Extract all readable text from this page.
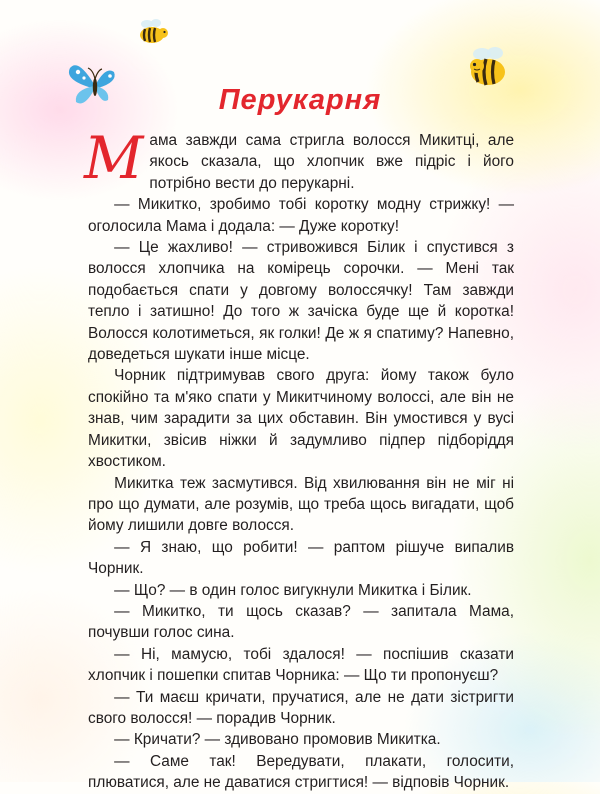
Перукарня

Мама завжди сама стригла волосся Микитці, але якось сказала, що хлопчик вже підріс і його потрібно вести до перукарні.

— Микитко, зробимо тобі коротку модну стрижку! — оголосила Мама і додала: — Дуже коротку!

— Це жахливо! — стривожився Білик і спустився з волосся хлопчика на комірець сорочки. — Мені так подобається спати у довгому волоссячку! Там завжди тепло і затишно! До того ж зачіска буде ще й коротка! Волосся колотиметься, як голки! Де ж я спатиму? Напевно, доведеться шукати інше місце.

Чорник підтримував свого друга: йому також було спокійно та м'яко спати у Микитчиному волоссі, але він не знав, чим зарадити за цих обставин. Він умостився у вусі Микитки, звісив ніжки й задумливо підпер підборіддя хвостиком.

Микитка теж засмутився. Від хвилювання він не міг ні про що думати, але розумів, що треба щось вигадати, щоб йому лишили довге волосся.

— Я знаю, що робити! — раптом рішуче випалив Чорник.

— Що? — в один голос вигукнули Микитка і Білик.

— Микитко, ти щось сказав? — запитала Мама, почувши голос сина.

— Ні, мамусю, тобі здалося! — поспішив сказати хлопчик і пошепки спитав Чорника: — Що ти пропонуєш?

— Ти маєш кричати, пручатися, але не дати зістригти свого волосся! — порадив Чорник.

— Кричати? — здивовано промовив Микитка.

— Саме так! Вередувати, плакати, голосити, плюватися, але не даватися стригтися! — відповів Чорник.
